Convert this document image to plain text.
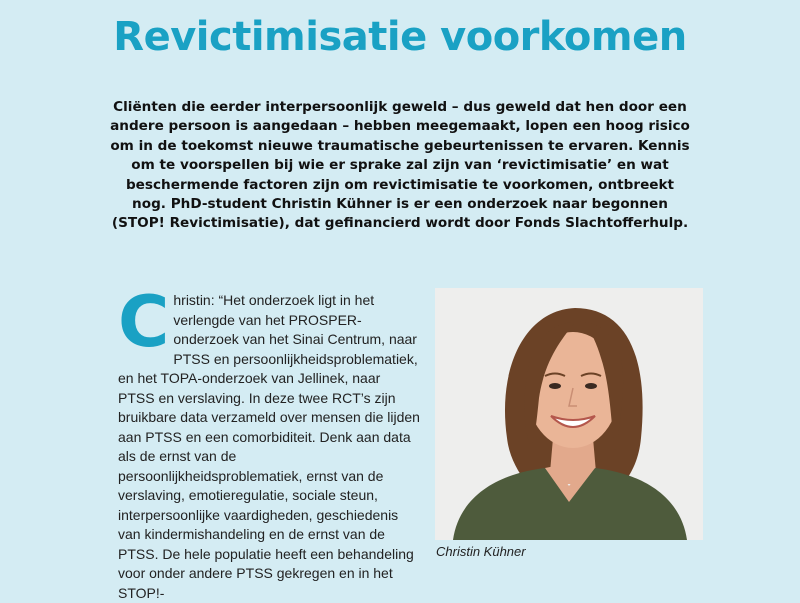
Revictimisatie voorkomen

Cliënten die eerder interpersoonlijk geweld – dus geweld dat hen door een andere persoon is aangedaan – hebben meegemaakt, lopen een hoog risico om in de toekomst nieuwe traumatische gebeurtenissen te ervaren. Kennis om te voorspellen bij wie er sprake zal zijn van ‘revictimisatie’ en wat beschermende factoren zijn om revictimisatie te voorkomen, ontbreekt nog. PhD-student Christin Kühner is er een onderzoek naar begonnen (STOP! Revictimisatie), dat gefinancierd wordt door Fonds Slachtofferhulp.

Christin: “Het onderzoek ligt in het verlengde van het PROSPER-onderzoek van het Sinai Centrum, naar PTSS en persoonlijkheidsproblematiek, en het TOPA-onderzoek van Jellinek, naar PTSS en verslaving. In deze twee RCT’s zijn bruikbare data verzameld over mensen die lijden aan PTSS en een comorbiditeit. Denk aan data als de ernst van de persoonlijkheidsproblematiek, ernst van de verslaving, emotieregulatie, sociale steun, interpersoonlijke vaardigheden, geschiedenis van kindermishandeling en de ernst van de PTSS. De hele populatie heeft een behandeling voor onder andere PTSS gekregen en in het STOP!-
Christin Kühner
